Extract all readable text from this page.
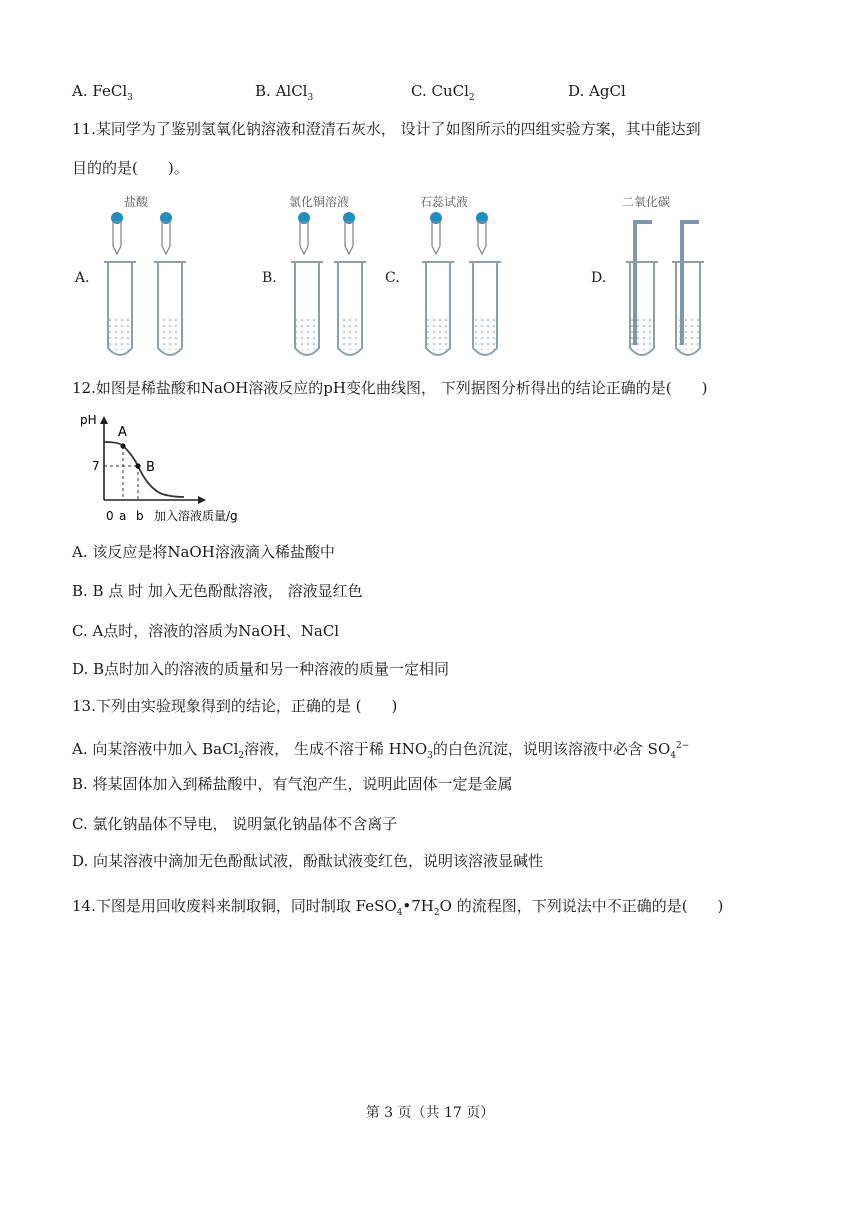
A. FeCl$_3$	B. AlCl$_3$	C. CuCl$_2$	D. AgCl
11.某同学为了鉴别氢氧化钠溶液和澄清石灰水， 设计了如图所示的四组实验方案，其中能达到
目的的是(　　)。
盐酸	氯化铜溶液	石蕊试液	二氧化碳
A.	B.	C.	D.
12.如图是稀盐酸和NaOH溶液反应的pH变化曲线图， 下列据图分析得出的结论正确的是(　　)
pH
A
B
7
0 a b 加入溶液质量/g
A. 该反应是将NaOH溶液滴入稀盐酸中
B. B 点 时 加入无色酚酞溶液， 溶液显红色
C. A点时，溶液的溶质为NaOH、NaCl
D. B点时加入的溶液的质量和另一种溶液的质量一定相同
13.下列由实验现象得到的结论，正确的是 (　　)
A. 向某溶液中加入 BaCl$_2$溶液， 生成不溶于稀 $HNO_3$的白色沉淀，说明该溶液中必含 $SO_4^{2-}$
B. 将某固体加入到稀盐酸中，有气泡产生，说明此固体一定是金属
C. 氯化钠晶体不导电， 说明氯化钠晶体不含离子
D. 向某溶液中滴加无色酚酞试液，酚酞试液变红色，说明该溶液显碱性
14.下图是用回收废料来制取铜，同时制取 $FeSO_4•7H_2O$ 的流程图，下列说法中不正确的是(　　)
第 3 页（共 17 页）
